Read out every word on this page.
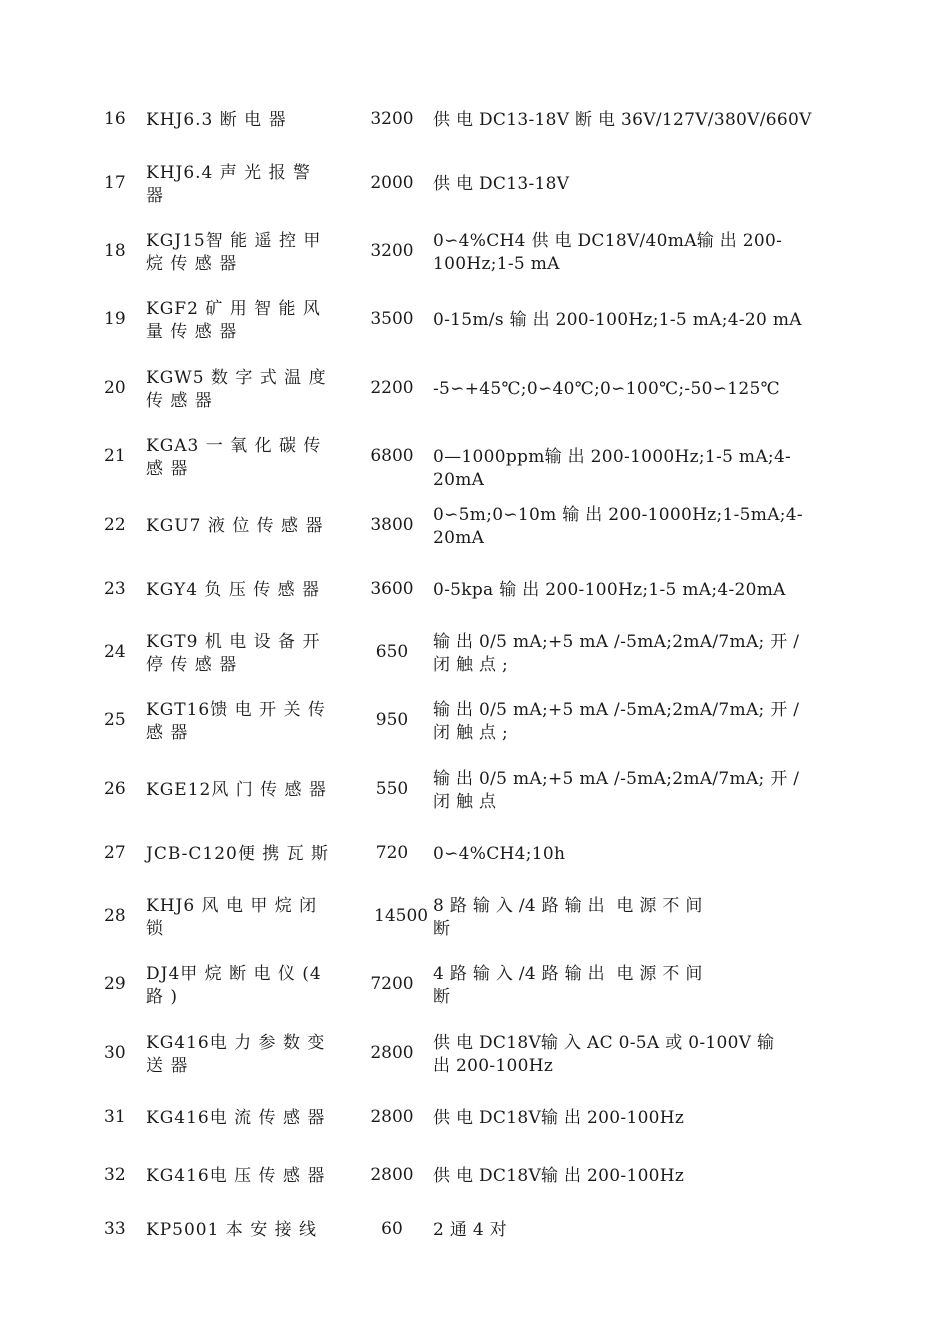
16	KHJ6.3 断 电 器	3200 供 电 DC13-18V 断 电 36V/127V/380V/660V
17	KHJ6.4 声 光 报 警
器
2000 供 电 DC13-18V
18	KGJ15智 能 遥 控 甲
烷 传 感 器
3200 0∽4%CH4 供 电 DC18V/40mA输 出 200-
100Hz;1-5 mA
19	KGF2 矿 用 智 能 风
量 传 感 器
3500 0-15m/s 输 出 200-100Hz;1-5 mA;4-20 mA
20	KGW5 数 字 式 温 度
传 感 器
2200 -5∽+45℃;0∽40℃;0∽100℃;-50∽125℃
21	KGA3 一 氧 化 碳 传
感 器
6800 0—1000ppm输 出 200-1000Hz;1-5 mA;4-20mA
22	KGU7 液 位 传 感 器	3800 0∽5m;0∽10m 输 出 200-1000Hz;1-5mA;4-
20mA
23	KGY4 负 压 传 感 器	3600 0-5kpa 输 出 200-100Hz;1-5 mA;4-20mA
24	KGT9 机 电 设 备 开
停 传 感 器
650	输 出 0/5 mA;+5 mA /-5mA;2mA/7mA; 开 /
闭 触 点 ;
25	KGT16馈 电 开 关 传
感 器
950	输 出 0/5 mA;+5 mA /-5mA;2mA/7mA; 开 /
闭 触 点 ;
26	KGE12风 门 传 感 器	550	输 出 0/5 mA;+5 mA /-5mA;2mA/7mA; 开 /
闭 触 点
27	JCB-C120便 携 瓦 斯	720	0∽4%CH4;10h
28	KHJ6 风 电 甲 烷 闭
锁
14500 8 路 输 入 /4 路 输 出  电 源 不 间
断
29	DJ4甲 烷 断 电 仪 (4
路 )
7200 4 路 输 入 /4 路 输 出  电 源 不 间
断
30	KG416电 力 参 数 变
送 器
2800 供 电 DC18V输 入 AC 0-5A 或 0-100V 输
出 200-100Hz
31	KG416电 流 传 感 器	2800 供 电 DC18V输 出 200-100Hz
32	KG416电 压 传 感 器	2800 供 电 DC18V输 出 200-100Hz
33	KP5001 本 安 接 线	60	2 通 4 对
